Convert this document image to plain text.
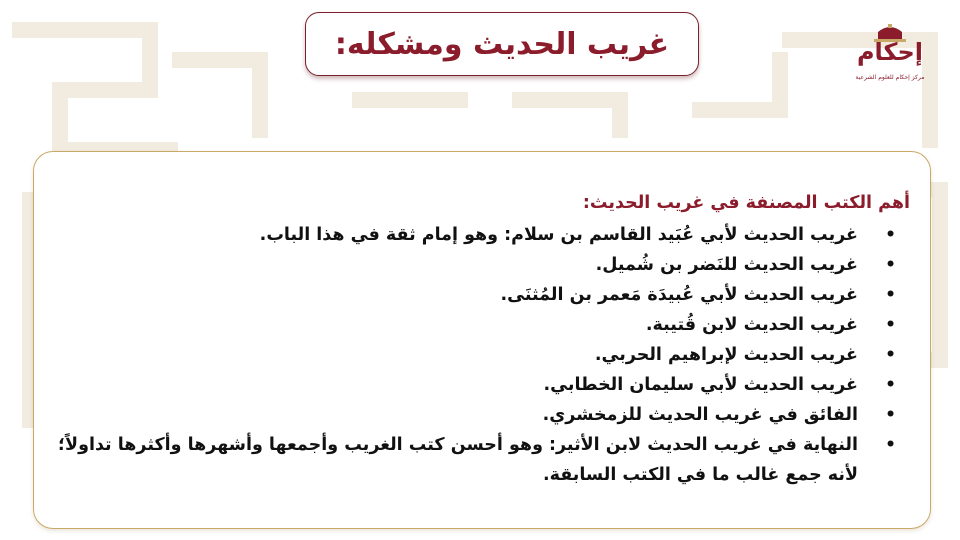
غريب الحديث ومشكله:	إحكام
مركز إحكام للعلوم الشرعية
أهم الكتب المصنفة في غريب الحديث:
• غريب الحديث لأبي عُبَيد القاسم بن سلام: وهو إمام ثقة في هذا الباب.
• غريب الحديث للنَضر بن شُميل.
• غريب الحديث لأبي عُبيدَة مَعمر بن المُثنَى.
• غريب الحديث لابن قُتيبة.
• غريب الحديث لإبراهيم الحربي.
• غريب الحديث لأبي سليمان الخطابي.
• الفائق في غريب الحديث للزمخشري.
• النهاية في غريب الحديث لابن الأثير: وهو أحسن كتب الغريب وأجمعها وأشهرها وأكثرها تداولاً؛ لأنه جمع غالب ما في الكتب السابقة.
